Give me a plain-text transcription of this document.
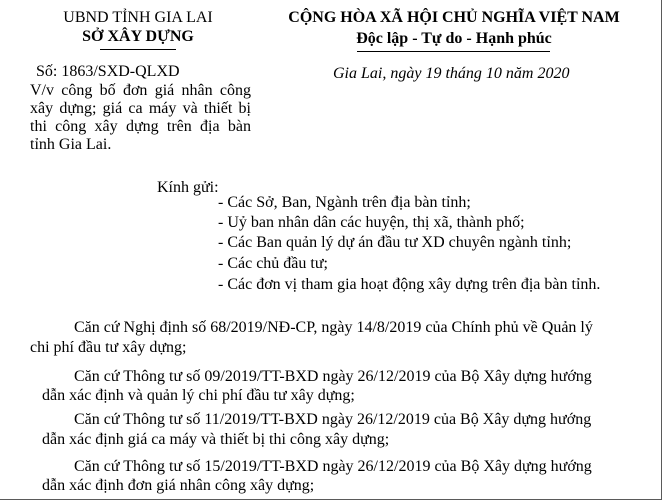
UBND TỈNH GIA LAI
SỞ XÂY DỰNG
CỘNG HÒA XÃ HỘI CHỦ NGHĨA VIỆT NAM
Độc lập - Tự do - Hạnh phúc
Số: 1863/SXD-QLXD	Gia Lai, ngày 19 tháng 10 năm 2020
V/v công bố đơn giá nhân công
xây dựng; giá ca máy và thiết bị
thi công xây dựng trên địa bàn
tỉnh Gia Lai.
Kính gửi:
- Các Sở, Ban, Ngành trên địa bàn tỉnh;
- Uỷ ban nhân dân các huyện, thị xã, thành phố;
- Các Ban quản lý dự án đầu tư XD chuyên ngành tỉnh;
- Các chủ đầu tư;
- Các đơn vị tham gia hoạt động xây dựng trên địa bàn tỉnh.
Căn cứ Nghị định số 68/2019/NĐ-CP, ngày 14/8/2019 của Chính phủ về Quản lý
chi phí đầu tư xây dựng;
Căn cứ Thông tư số 09/2019/TT-BXD ngày 26/12/2019 của Bộ Xây dựng hướng
dẫn xác định và quản lý chi phí đầu tư xây dựng;
Căn cứ Thông tư số 11/2019/TT-BXD ngày 26/12/2019 của Bộ Xây dựng hướng
dẫn xác định giá ca máy và thiết bị thi công xây dựng;
Căn cứ Thông tư số 15/2019/TT-BXD ngày 26/12/2019 của Bộ Xây dựng hướng
dẫn xác định đơn giá nhân công xây dựng;
